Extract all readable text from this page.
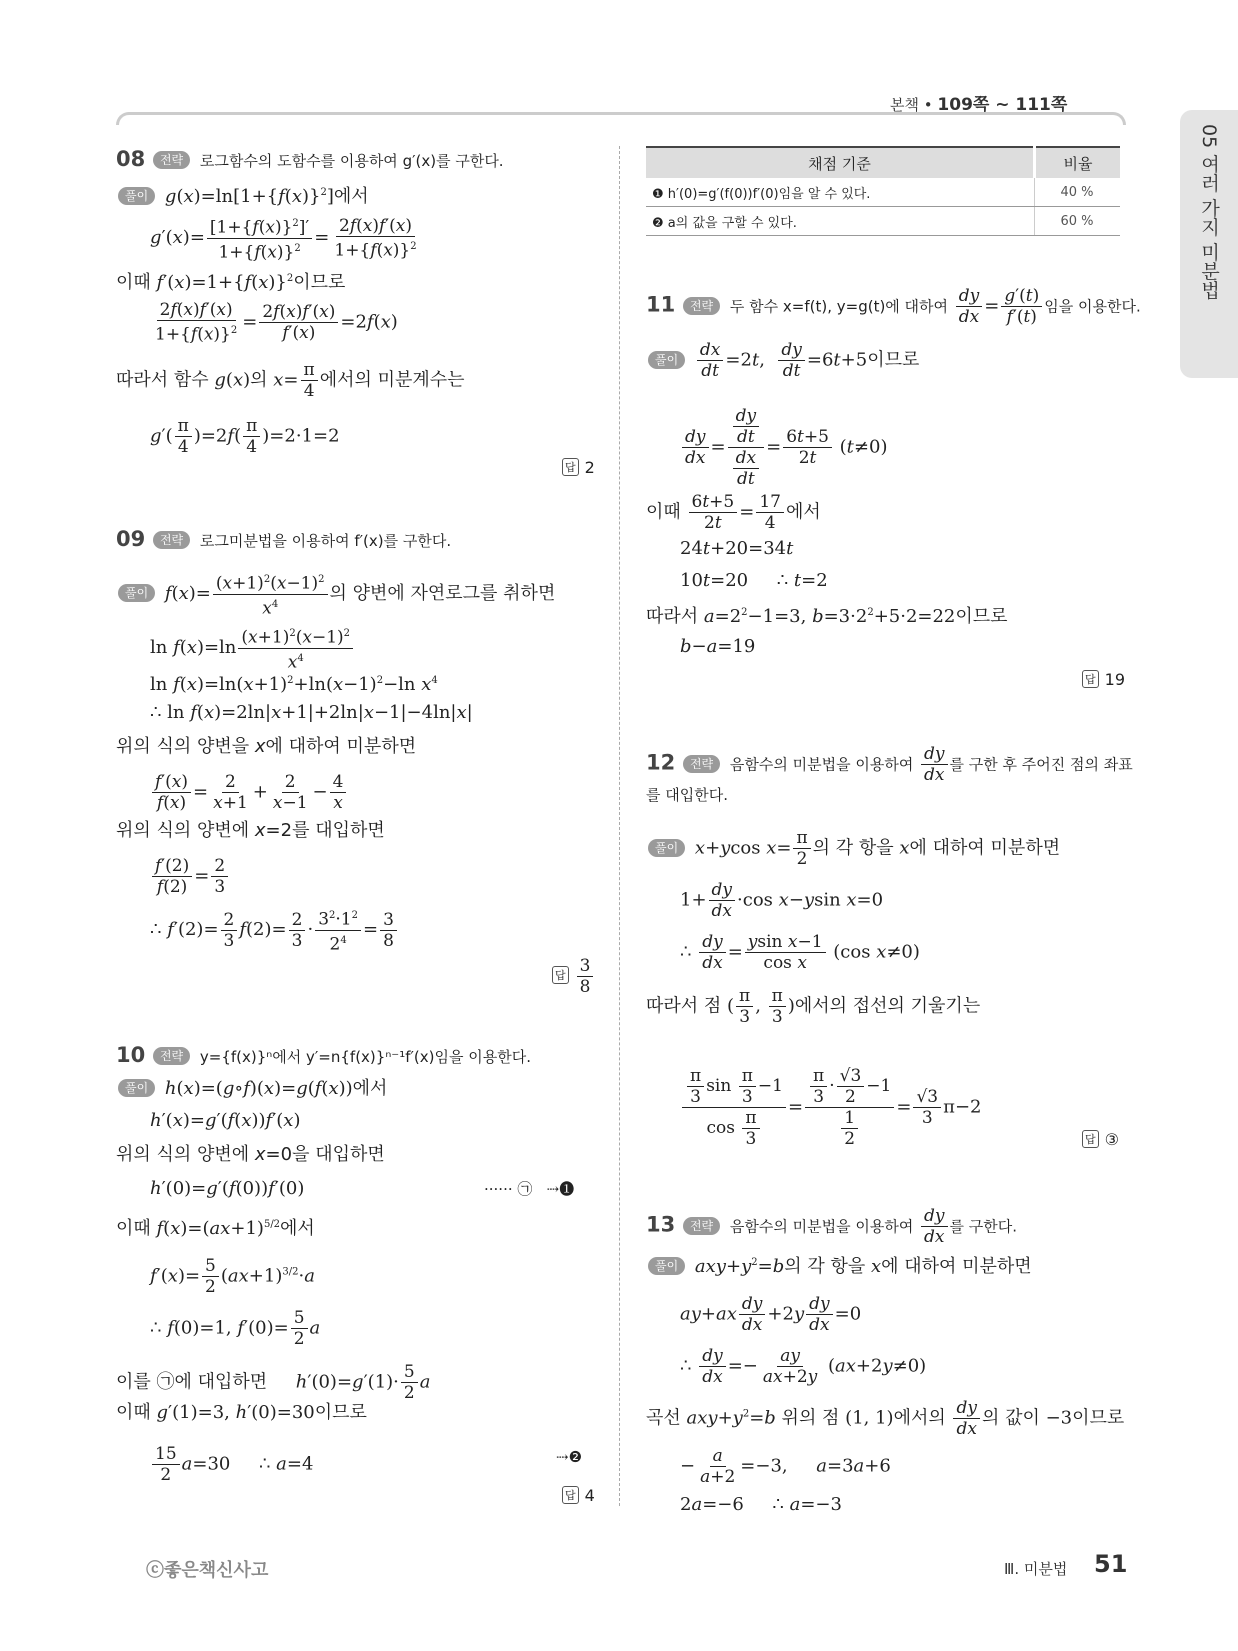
본책 • 109쪽 ~ 111쪽
05 여러 가지 미분법
08 전략 로그함수의 도함수를 이용하여 g′(x)를 구한다.
풀이 $g(x)=\ln[1+\{f(x)\}^2]$에서
$g'(x)= \frac{[1+\{f(x)\}^2]'}{1+\{f(x)\}^2} = \frac{2f(x)f'(x)}{1+\{f(x)\}^2}$
이때 $f'(x)=1+\{f(x)\}^2$이므로
$\frac{2f(x)f'(x)}{1+\{f(x)\}^2} = \frac{2f(x)f'(x)}{f'(x)} =2f(x)$
따라서 함수 g(x)의 $x= \frac{\pi}{4}$ 에서의 미분계수는
$g'( \frac{\pi}{4} )=2f( \frac{\pi}{4} )=2\cdot 1=2$
답 2
09 전략 로그미분법을 이용하여 f′(x)를 구한다.
풀이 $f(x)= \frac{(x+1)^2(x-1)^2}{x^4}$ 의 양변에 자연로그를 취하면
$\ln f(x)=\ln \frac{(x+1)^2(x-1)^2}{x^4}$
$\ln f(x)=\ln(x+1)^2+\ln(x-1)^2-\ln$ $x^4$
∴ ln f(x)=2ln|x+1|+2ln|x−1|−4ln|x|
위의 식의 양변을 x에 대하여 미분하면
$\frac{f'(x)}{f(x)} = \frac{2}{x+1} + \frac{2}{x-1} - \frac{4}{x}$
위의 식의 양변에 x=2를 대입하면
$\frac{f'(2)}{f(2)} = \frac{2}{3}$
∴ $f'(2)= \frac{2}{3} f(2)= \frac{2}{3} \cdot \frac{3^2\cdot 1^2}{2^4} = \frac{3}{8}$
답 $\frac{3}{8}$
10 전략 y={f(x)}ⁿ에서 y′=n{f(x)}ⁿ⁻¹f′(x)임을 이용한다.
풀이 h(x)=(g∘f)(x)=g(f(x))에서
h′(x)=g′(f(x))f′(x)
위의 식의 양변에 x=0을 대입하면
h′(0)=g′(f(0))f′(0)	······ ㉠   ⇢❶
이때 $f(x)=(ax+1)^{5/2}$에서
$f'(x)= \frac{5}{2} (ax+1)^{3/2}\cdot a$
∴ f(0)=1, $f'(0)= \frac{5}{2}$ a
이를 ㉠에 대입하면     $h'(0)=g'(1)\cdot \frac{5}{2}$ a
이때 g′(1)=3, h′(0)=30이므로
$\frac{15}{2} a=30$     ∴ a=4	⇢❷
답 4
채점 기준	비율
❶ h′(0)=g′(f(0))f′(0)임을 알 수 있다.	40 %
❷ a의 값을 구할 수 있다.	60 %
11 전략 두 함수 x=f(t), y=g(t)에 대하여 $\frac{dy}{dx} = \frac{g'(t)}{f'(t)}$ 임을 이용한다.
풀이 $\frac{dx}{dt} =2t$, $\frac{dy}{dt} =6t+5$이므로
$\frac{dy}{dx} = \frac{\frac{dy}{dt}}{\frac{dx}{dt}} = \frac{6t+5}{2t} (t\ne 0)$
이때 $\frac{6t+5}{2t} = \frac{17}{4}$ 에서
24t+20=34t
10t=20     ∴ t=2
따라서 $a=2^2-1=3$, $b=3\cdot 2^2+5\cdot 2=22$이므로
b−a=19
답 19
12 전략 음함수의 미분법을 이용하여 $\frac{dy}{dx}$ 를 구한 후 주어진 점의 좌표
를 대입한다.
풀이 x+ycos $x= \frac{\pi}{2}$ 의 각 항을 x에 대하여 미분하면
$1+ \frac{dy}{dx} \cdot\cos$ x−ysin x=0
∴ $\frac{dy}{dx} = \frac{\text{ysin x−1}}{\text{cos x}} (\cos$ x≠0)
따라서 점 ( $\frac{\pi}{3}$ , $\frac{\pi}{3}$ )에서의 접선의 기울기는
$\frac{\frac{\pi}{3} \sin \frac{\pi}{3} -1}{\cos \frac{\pi}{3}} = \frac{\frac{\pi}{3} \cdot \frac{√3}{2} -1}{\frac{1}{2}} = \frac{√3}{3} \pi-2$
답 ③
13 전략 음함수의 미분법을 이용하여 $\frac{dy}{dx}$ 를 구한다.
풀이 $axy+y^2=b$의 각 항을 x에 대하여 미분하면
$ay+ax \frac{dy}{dx} +2y \frac{dy}{dx} =0$
∴ $\frac{dy}{dx} =- \frac{ay}{ax+2y} (ax+2y\ne 0)$
곡선 $axy+y^2=b$ 위의 점 (1, 1)에서의 $\frac{dy}{dx}$ 의 값이 −3이므로
− $\frac{a}{a+2} =-3$,     a=3a+6
2a=−6     ∴ a=−3
ⓒ좋은책신사고	Ⅲ. 미분법 51
